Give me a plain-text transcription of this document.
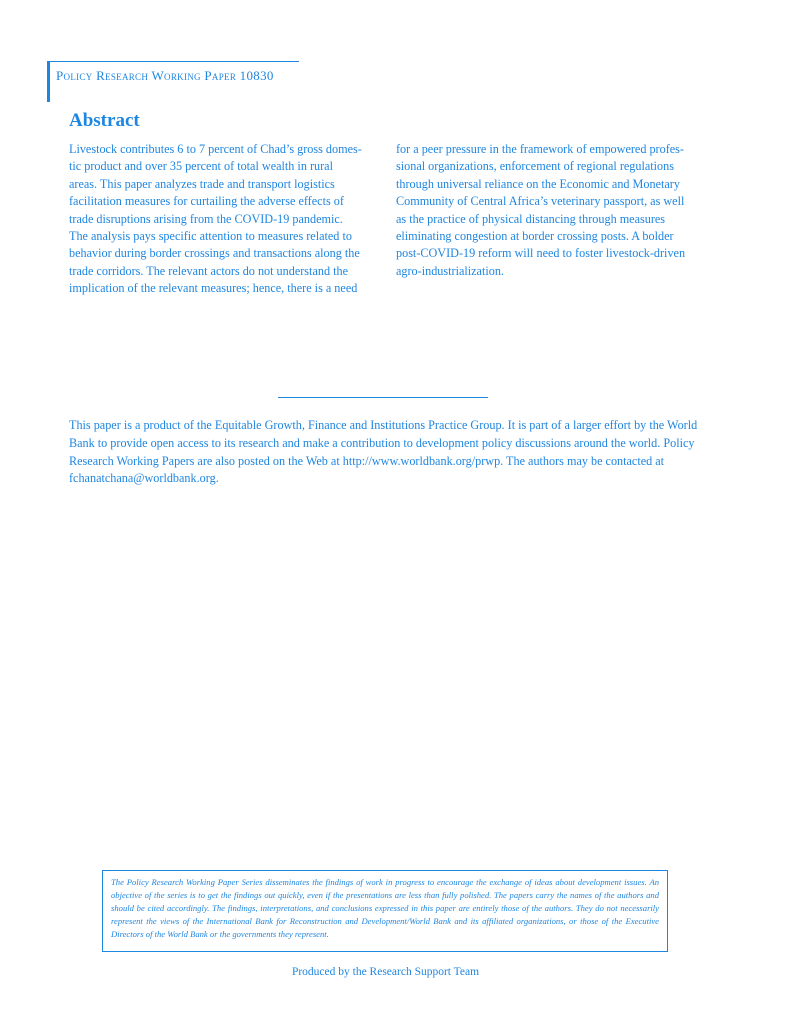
Policy Research Working Paper 10830
Abstract
Livestock contributes 6 to 7 percent of Chad’s gross domes-
tic product and over 35 percent of total wealth in rural
areas. This paper analyzes trade and transport logistics
facilitation measures for curtailing the adverse effects of
trade disruptions arising from the COVID-19 pandemic.
The analysis pays specific attention to measures related to
behavior during border crossings and transactions along the
trade corridors. The relevant actors do not understand the
implication of the relevant measures; hence, there is a need
for a peer pressure in the framework of empowered profes-
sional organizations, enforcement of regional regulations
through universal reliance on the Economic and Monetary
Community of Central Africa’s veterinary passport, as well
as the practice of physical distancing through measures
eliminating congestion at border crossing posts. A bolder
post-COVID-19 reform will need to foster livestock-driven
agro-industrialization.

This paper is a product of the Equitable Growth, Finance and Institutions Practice Group. It is part of a larger effort by the World Bank to provide open access to its research and make a contribution to development policy discussions around the world. Policy Research Working Papers are also posted on the Web at http://www.worldbank.org/prwp. The authors may be contacted at fchanatchana@worldbank.org.

The Policy Research Working Paper Series disseminates the findings of work in progress to encourage the exchange of ideas about development issues. An objective of the series is to get the findings out quickly, even if the presentations are less than fully polished. The papers carry the names of the authors and should be cited accordingly. The findings, interpretations, and conclusions expressed in this paper are entirely those of the authors. They do not necessarily represent the views of the International Bank for Reconstruction and Development/World Bank and its affiliated organizations, or those of the Executive Directors of the World Bank or the governments they represent.

Produced by the Research Support Team
